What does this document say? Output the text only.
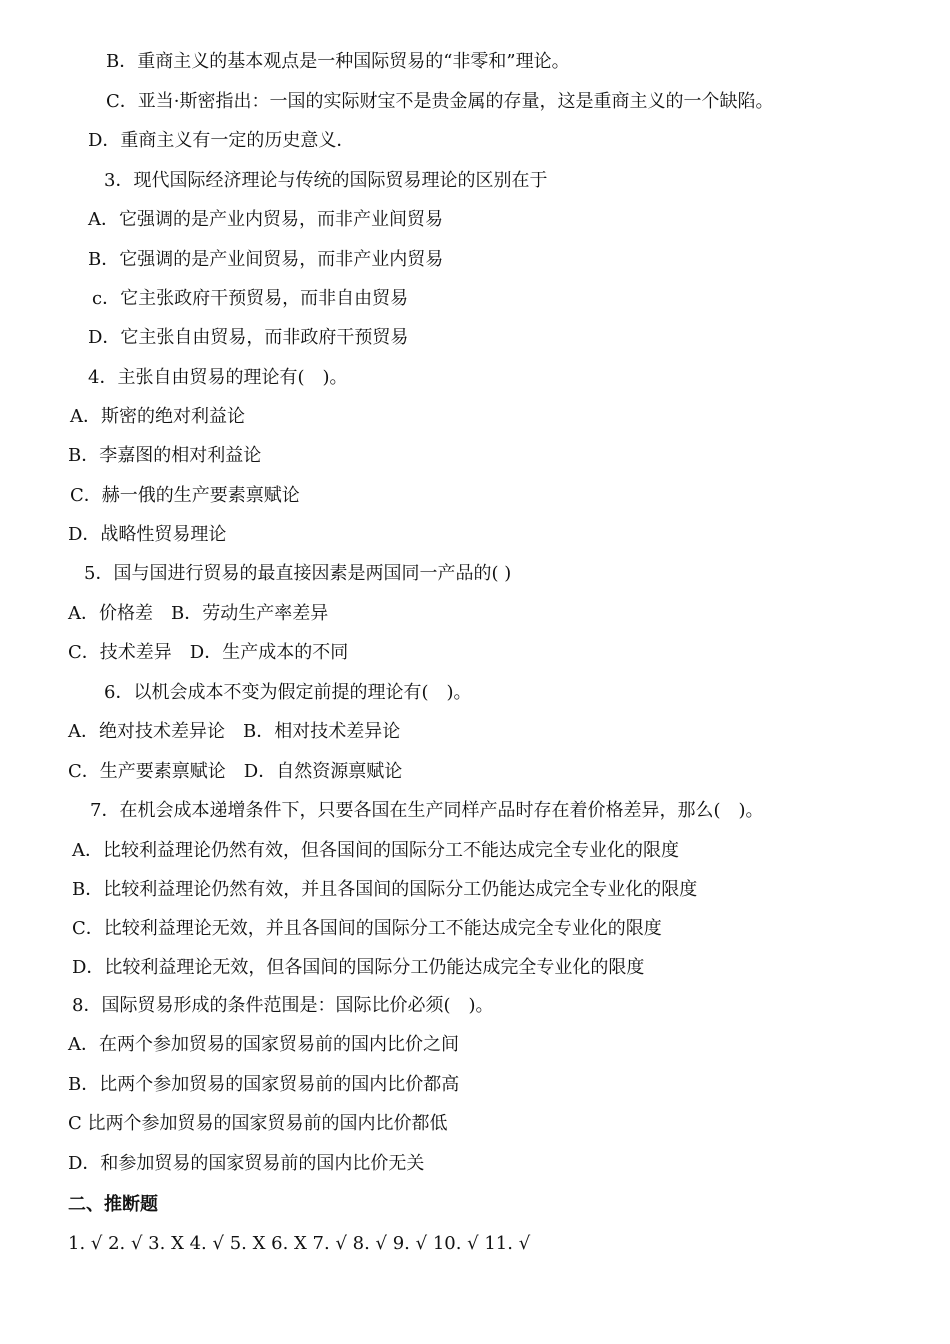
B．重商主义的基本观点是一种国际贸易的“非零和”理论。
C．亚当·斯密指出：一国的实际财宝不是贵金属的存量，这是重商主义的一个缺陷。
D．重商主义有一定的历史意义．
3．现代国际经济理论与传统的国际贸易理论的区别在于
A．它强调的是产业内贸易，而非产业间贸易
B．它强调的是产业间贸易，而非产业内贸易
c．它主张政府干预贸易，而非自由贸易
D．它主张自由贸易，而非政府干预贸易
4．主张自由贸易的理论有(　)。
A．斯密的绝对利益论
B．李嘉图的相对利益论
C．赫一俄的生产要素禀赋论
D．战略性贸易理论
5．国与国进行贸易的最直接因素是两国同一产品的( )
A．价格差　B．劳动生产率差异
C．技术差异　D．生产成本的不同
6．以机会成本不变为假定前提的理论有(　)。
A．绝对技术差异论　B．相对技术差异论
C．生产要素禀赋论　D．自然资源禀赋论
7．在机会成本递增条件下，只要各国在生产同样产品时存在着价格差异，那么(　)。
A．比较利益理论仍然有效，但各国间的国际分工不能达成完全专业化的限度
B．比较利益理论仍然有效，并且各国间的国际分工仍能达成完全专业化的限度
C．比较利益理论无效，并且各国间的国际分工不能达成完全专业化的限度
D．比较利益理论无效，但各国间的国际分工仍能达成完全专业化的限度
8．国际贸易形成的条件范围是：国际比价必须(　)。
A．在两个参加贸易的国家贸易前的国内比价之间
B．比两个参加贸易的国家贸易前的国内比价都高
C 比两个参加贸易的国家贸易前的国内比价都低
D．和参加贸易的国家贸易前的国内比价无关
二、推断题
1. √ 2. √ 3. X 4. √ 5. X 6. X 7. √ 8. √ 9. √ 10. √ 11. √
